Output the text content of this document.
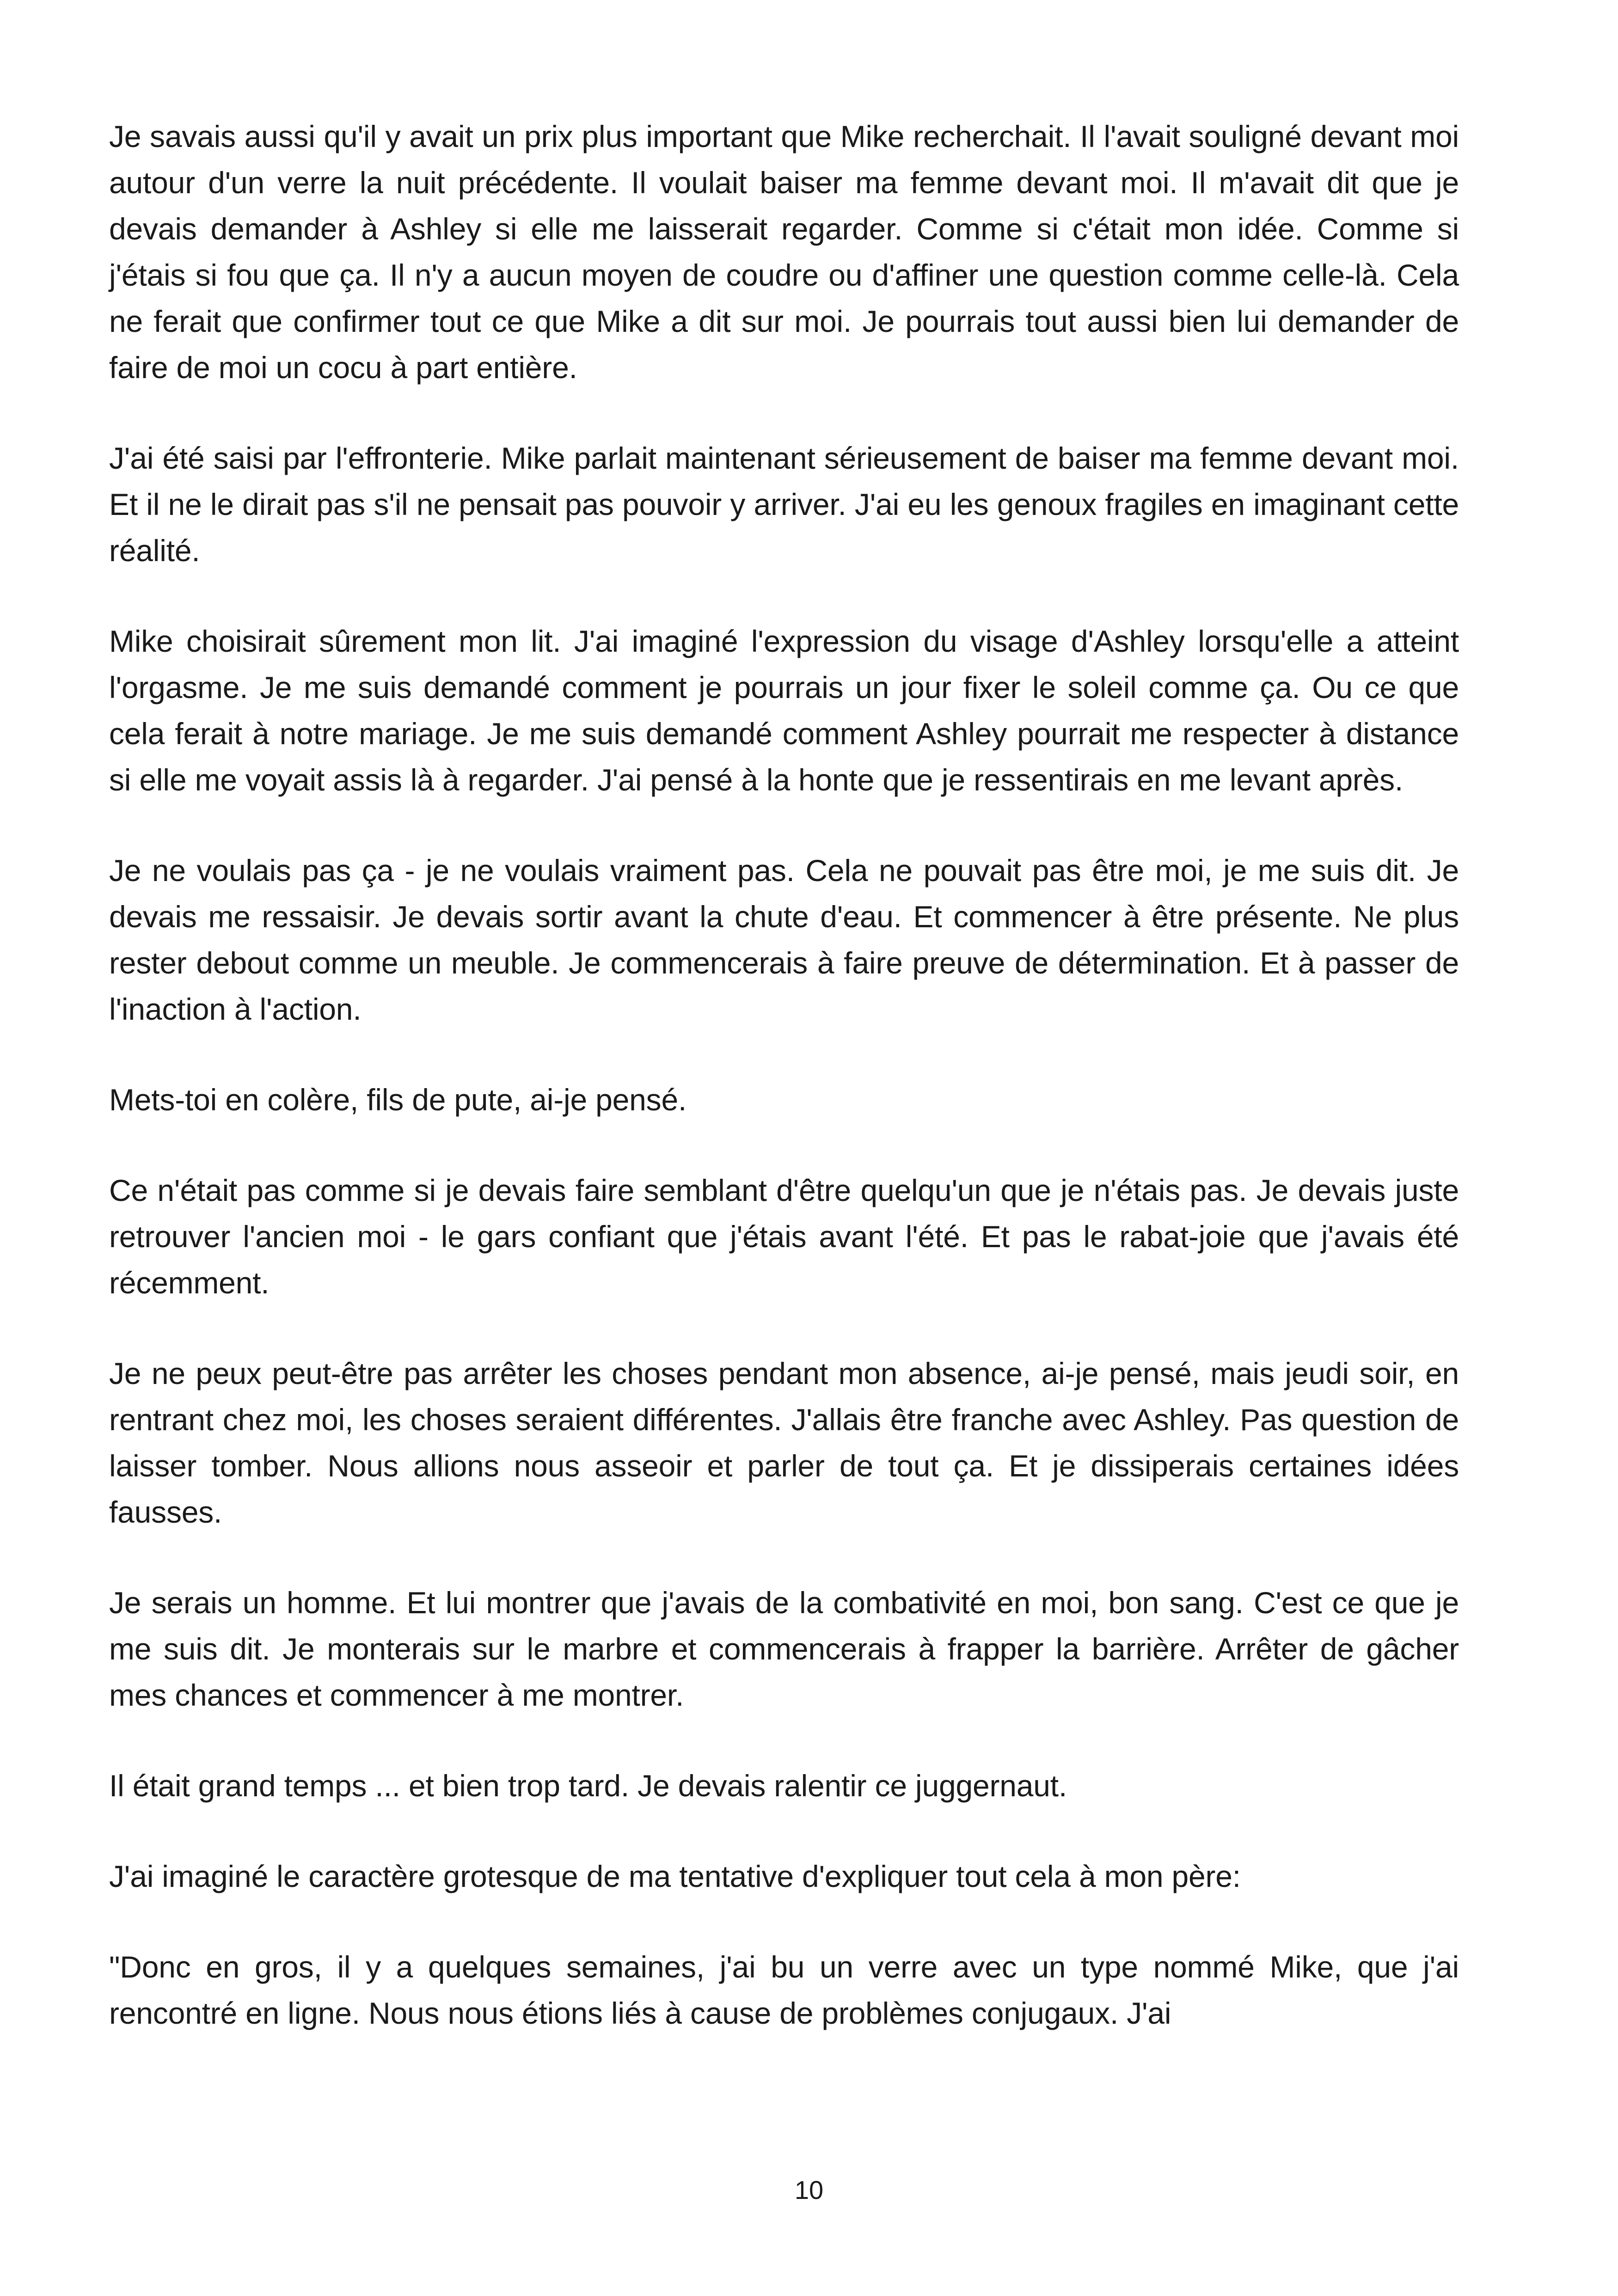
Je savais aussi qu'il y avait un prix plus important que Mike recherchait. Il l'avait souligné devant moi autour d'un verre la nuit précédente. Il voulait baiser ma femme devant moi. Il m'avait dit que je devais demander à Ashley si elle me laisserait regarder. Comme si c'était mon idée. Comme si j'étais si fou que ça. Il n'y a aucun moyen de coudre ou d'affiner une question comme celle-là. Cela ne ferait que confirmer tout ce que Mike a dit sur moi. Je pourrais tout aussi bien lui demander de faire de moi un cocu à part entière.

J'ai été saisi par l'effronterie. Mike parlait maintenant sérieusement de baiser ma femme devant moi. Et il ne le dirait pas s'il ne pensait pas pouvoir y arriver. J'ai eu les genoux fragiles en imaginant cette réalité.

Mike choisirait sûrement mon lit. J'ai imaginé l'expression du visage d'Ashley lorsqu'elle a atteint l'orgasme. Je me suis demandé comment je pourrais un jour fixer le soleil comme ça. Ou ce que cela ferait à notre mariage. Je me suis demandé comment Ashley pourrait me respecter à distance si elle me voyait assis là à regarder. J'ai pensé à la honte que je ressentirais en me levant après.

Je ne voulais pas ça - je ne voulais vraiment pas. Cela ne pouvait pas être moi, je me suis dit. Je devais me ressaisir. Je devais sortir avant la chute d'eau. Et commencer à être présente. Ne plus rester debout comme un meuble. Je commencerais à faire preuve de détermination. Et à passer de l'inaction à l'action.

Mets-toi en colère, fils de pute, ai-je pensé.

Ce n'était pas comme si je devais faire semblant d'être quelqu'un que je n'étais pas. Je devais juste retrouver l'ancien moi - le gars confiant que j'étais avant l'été. Et pas le rabat-joie que j'avais été récemment.

Je ne peux peut-être pas arrêter les choses pendant mon absence, ai-je pensé, mais jeudi soir, en rentrant chez moi, les choses seraient différentes. J'allais être franche avec Ashley. Pas question de laisser tomber. Nous allions nous asseoir et parler de tout ça. Et je dissiperais certaines idées fausses.

Je serais un homme. Et lui montrer que j'avais de la combativité en moi, bon sang. C'est ce que je me suis dit. Je monterais sur le marbre et commencerais à frapper la barrière. Arrêter de gâcher mes chances et commencer à me montrer.

Il était grand temps ... et bien trop tard. Je devais ralentir ce juggernaut.

J'ai imaginé le caractère grotesque de ma tentative d'expliquer tout cela à mon père:

"Donc en gros, il y a quelques semaines, j'ai bu un verre avec un type nommé Mike, que j'ai rencontré en ligne. Nous nous étions liés à cause de problèmes conjugaux. J'ai

10
